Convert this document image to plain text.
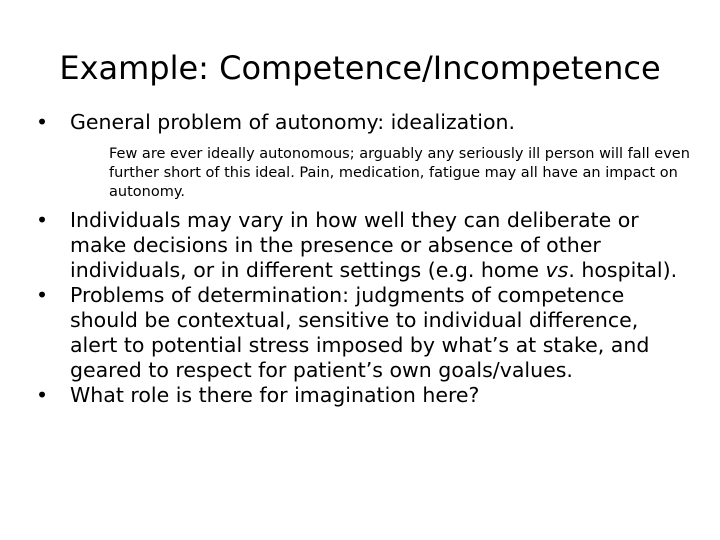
Example: Competence/Incompetence
•	General problem of autonomy: idealization.
Few are ever ideally autonomous; arguably any seriously ill person will fall even further short of this ideal. Pain, medication, fatigue may all have an impact on autonomy.
•	Individuals may vary in how well they can deliberate or make decisions in the presence or absence of other individuals, or in different settings (e.g. home vs. hospital).
•	Problems of determination: judgments of competence should be contextual, sensitive to individual difference, alert to potential stress imposed by what’s at stake, and geared to respect for patient’s own goals/values.
•	What role is there for imagination here?
